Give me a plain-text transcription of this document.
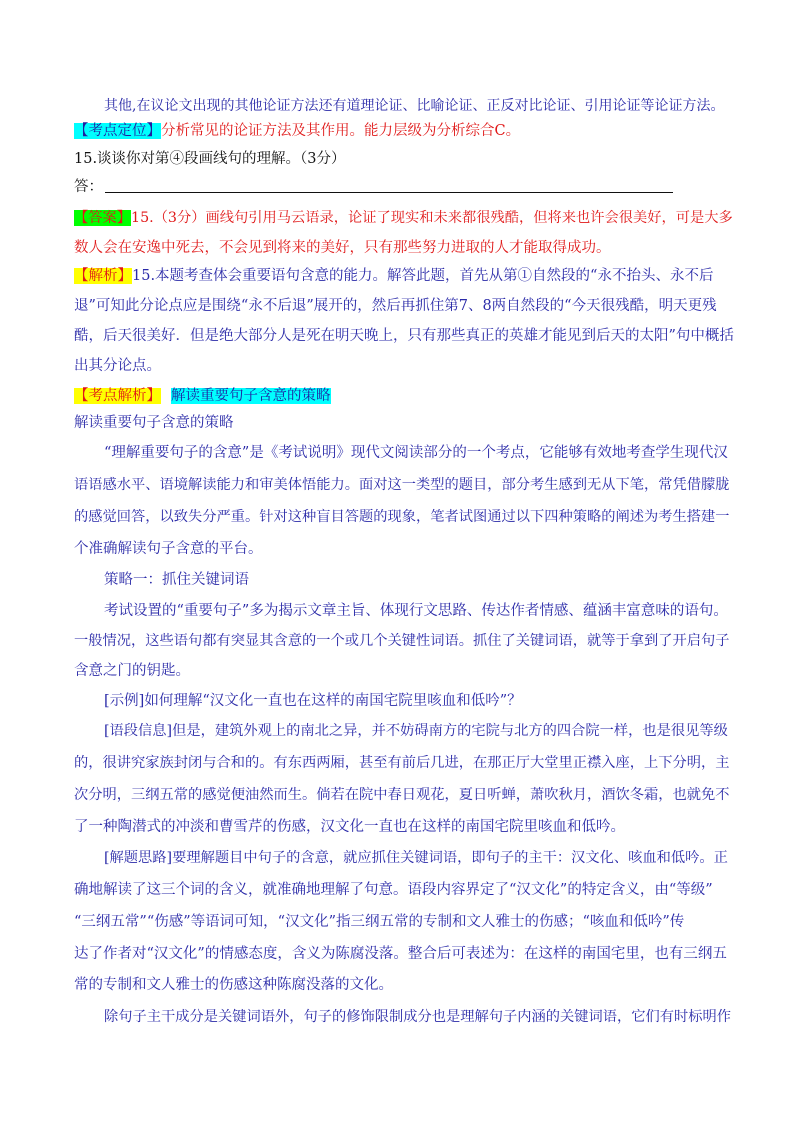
其他,在议论文出现的其他论证方法还有道理论证、比喻论证、正反对比论证、引用论证等论证方法。
【考点定位】分析常见的论证方法及其作用。能力层级为分析综合C。
15.谈谈你对第④段画线句的理解。（3分）
答：
【答案】15.（3分）画线句引用马云语录，论证了现实和未来都很残酷，但将来也许会很美好，可是大多
数人会在安逸中死去，不会见到将来的美好，只有那些努力进取的人才能取得成功。
【解析】15.本题考查体会重要语句含意的能力。解答此题，首先从第①自然段的“永不抬头、永不后
退”可知此分论点应是围绕“永不后退”展开的，然后再抓住第7、8两自然段的“今天很残酷，明天更残
酷，后天很美好．但是绝大部分人是死在明天晚上，只有那些真正的英雄才能见到后天的太阳”句中概括
出其分论点。
【考点解析】 解读重要句子含意的策略
解读重要句子含意的策略
“理解重要句子的含意”是《考试说明》现代文阅读部分的一个考点，它能够有效地考查学生现代汉
语语感水平、语境解读能力和审美体悟能力。面对这一类型的题目，部分考生感到无从下笔，常凭借朦胧
的感觉回答，以致失分严重。针对这种盲目答题的现象，笔者试图通过以下四种策略的阐述为考生搭建一
个准确解读句子含意的平台。
策略一：抓住关键词语
考试设置的“重要句子”多为揭示文章主旨、体现行文思路、传达作者情感、蕴涵丰富意味的语句。
一般情况，这些语句都有突显其含意的一个或几个关键性词语。抓住了关键词语，就等于拿到了开启句子
含意之门的钥匙。
[示例]如何理解“汉文化一直也在这样的南国宅院里咳血和低吟”？
[语段信息]但是，建筑外观上的南北之异，并不妨碍南方的宅院与北方的四合院一样，也是很见等级
的，很讲究家族封闭与合和的。有东西两厢，甚至有前后几进，在那正厅大堂里正襟入座，上下分明，主
次分明，三纲五常的感觉便油然而生。倘若在院中春日观花，夏日听蝉，萧吹秋月，酒饮冬霜，也就免不
了一种陶潜式的冲淡和曹雪芹的伤感，汉文化一直也在这样的南国宅院里咳血和低吟。
[解题思路]要理解题目中句子的含意，就应抓住关键词语，即句子的主干：汉文化、咳血和低吟。正
确地解读了这三个词的含义，就准确地理解了句意。语段内容界定了“汉文化”的特定含义，由“等级”
“三纲五常”“伤感”等语词可知，“汉文化”指三纲五常的专制和文人雅士的伤感；“咳血和低吟”传
达了作者对“汉文化”的情感态度，含义为陈腐没落。整合后可表述为：在这样的南国宅里，也有三纲五
常的专制和文人雅士的伤感这种陈腐没落的文化。
除句子主干成分是关键词语外，句子的修饰限制成分也是理解句子内涵的关键词语，它们有时标明作
